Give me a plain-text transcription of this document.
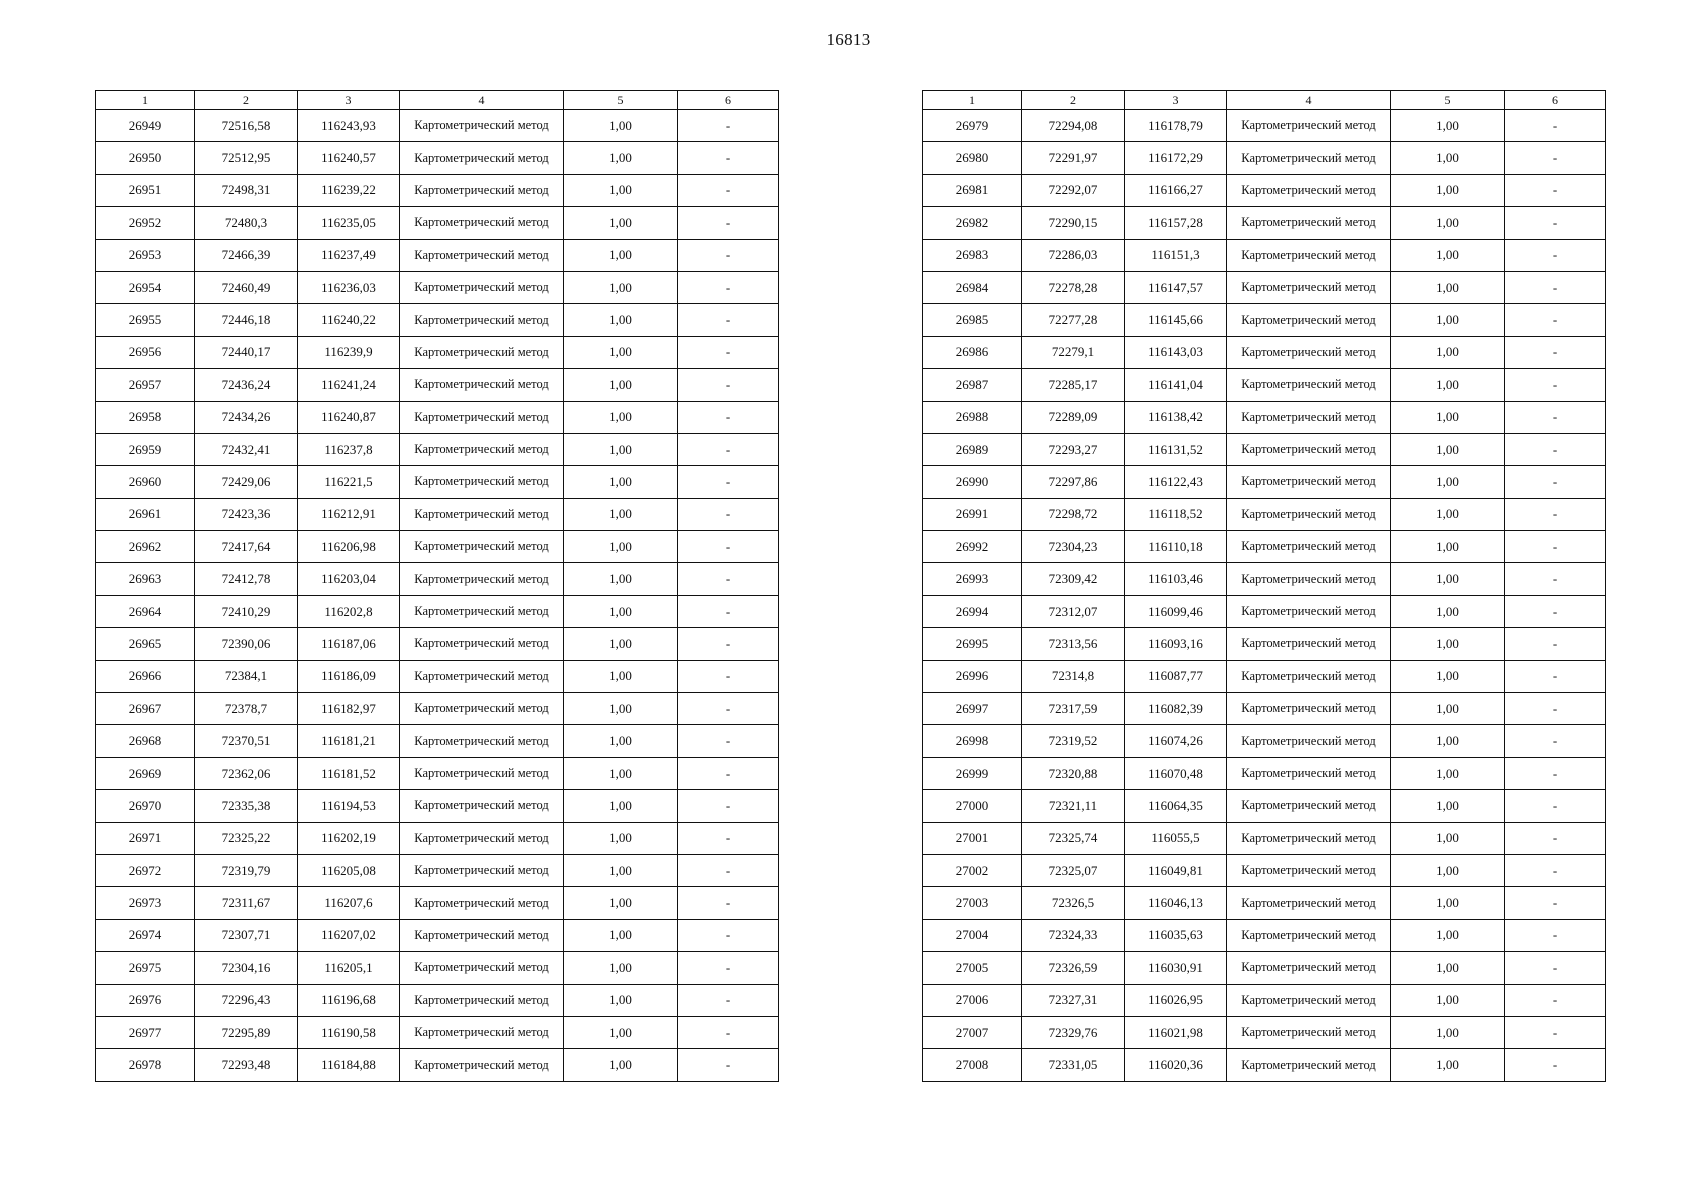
16813
1	2	3	4	5	6
26949	72516,58	116243,93	Картометрический метод	1,00	-
26950	72512,95	116240,57	Картометрический метод	1,00	-
26951	72498,31	116239,22	Картометрический метод	1,00	-
26952	72480,3	116235,05	Картометрический метод	1,00	-
26953	72466,39	116237,49	Картометрический метод	1,00	-
26954	72460,49	116236,03	Картометрический метод	1,00	-
26955	72446,18	116240,22	Картометрический метод	1,00	-
26956	72440,17	116239,9	Картометрический метод	1,00	-
26957	72436,24	116241,24	Картометрический метод	1,00	-
26958	72434,26	116240,87	Картометрический метод	1,00	-
26959	72432,41	116237,8	Картометрический метод	1,00	-
26960	72429,06	116221,5	Картометрический метод	1,00	-
26961	72423,36	116212,91	Картометрический метод	1,00	-
26962	72417,64	116206,98	Картометрический метод	1,00	-
26963	72412,78	116203,04	Картометрический метод	1,00	-
26964	72410,29	116202,8	Картометрический метод	1,00	-
26965	72390,06	116187,06	Картометрический метод	1,00	-
26966	72384,1	116186,09	Картометрический метод	1,00	-
26967	72378,7	116182,97	Картометрический метод	1,00	-
26968	72370,51	116181,21	Картометрический метод	1,00	-
26969	72362,06	116181,52	Картометрический метод	1,00	-
26970	72335,38	116194,53	Картометрический метод	1,00	-
26971	72325,22	116202,19	Картометрический метод	1,00	-
26972	72319,79	116205,08	Картометрический метод	1,00	-
26973	72311,67	116207,6	Картометрический метод	1,00	-
26974	72307,71	116207,02	Картометрический метод	1,00	-
26975	72304,16	116205,1	Картометрический метод	1,00	-
26976	72296,43	116196,68	Картометрический метод	1,00	-
26977	72295,89	116190,58	Картометрический метод	1,00	-
26978	72293,48	116184,88	Картометрический метод	1,00	-
1	2	3	4	5	6
26979	72294,08	116178,79	Картометрический метод	1,00	-
26980	72291,97	116172,29	Картометрический метод	1,00	-
26981	72292,07	116166,27	Картометрический метод	1,00	-
26982	72290,15	116157,28	Картометрический метод	1,00	-
26983	72286,03	116151,3	Картометрический метод	1,00	-
26984	72278,28	116147,57	Картометрический метод	1,00	-
26985	72277,28	116145,66	Картометрический метод	1,00	-
26986	72279,1	116143,03	Картометрический метод	1,00	-
26987	72285,17	116141,04	Картометрический метод	1,00	-
26988	72289,09	116138,42	Картометрический метод	1,00	-
26989	72293,27	116131,52	Картометрический метод	1,00	-
26990	72297,86	116122,43	Картометрический метод	1,00	-
26991	72298,72	116118,52	Картометрический метод	1,00	-
26992	72304,23	116110,18	Картометрический метод	1,00	-
26993	72309,42	116103,46	Картометрический метод	1,00	-
26994	72312,07	116099,46	Картометрический метод	1,00	-
26995	72313,56	116093,16	Картометрический метод	1,00	-
26996	72314,8	116087,77	Картометрический метод	1,00	-
26997	72317,59	116082,39	Картометрический метод	1,00	-
26998	72319,52	116074,26	Картометрический метод	1,00	-
26999	72320,88	116070,48	Картометрический метод	1,00	-
27000	72321,11	116064,35	Картометрический метод	1,00	-
27001	72325,74	116055,5	Картометрический метод	1,00	-
27002	72325,07	116049,81	Картометрический метод	1,00	-
27003	72326,5	116046,13	Картометрический метод	1,00	-
27004	72324,33	116035,63	Картометрический метод	1,00	-
27005	72326,59	116030,91	Картометрический метод	1,00	-
27006	72327,31	116026,95	Картометрический метод	1,00	-
27007	72329,76	116021,98	Картометрический метод	1,00	-
27008	72331,05	116020,36	Картометрический метод	1,00	-
